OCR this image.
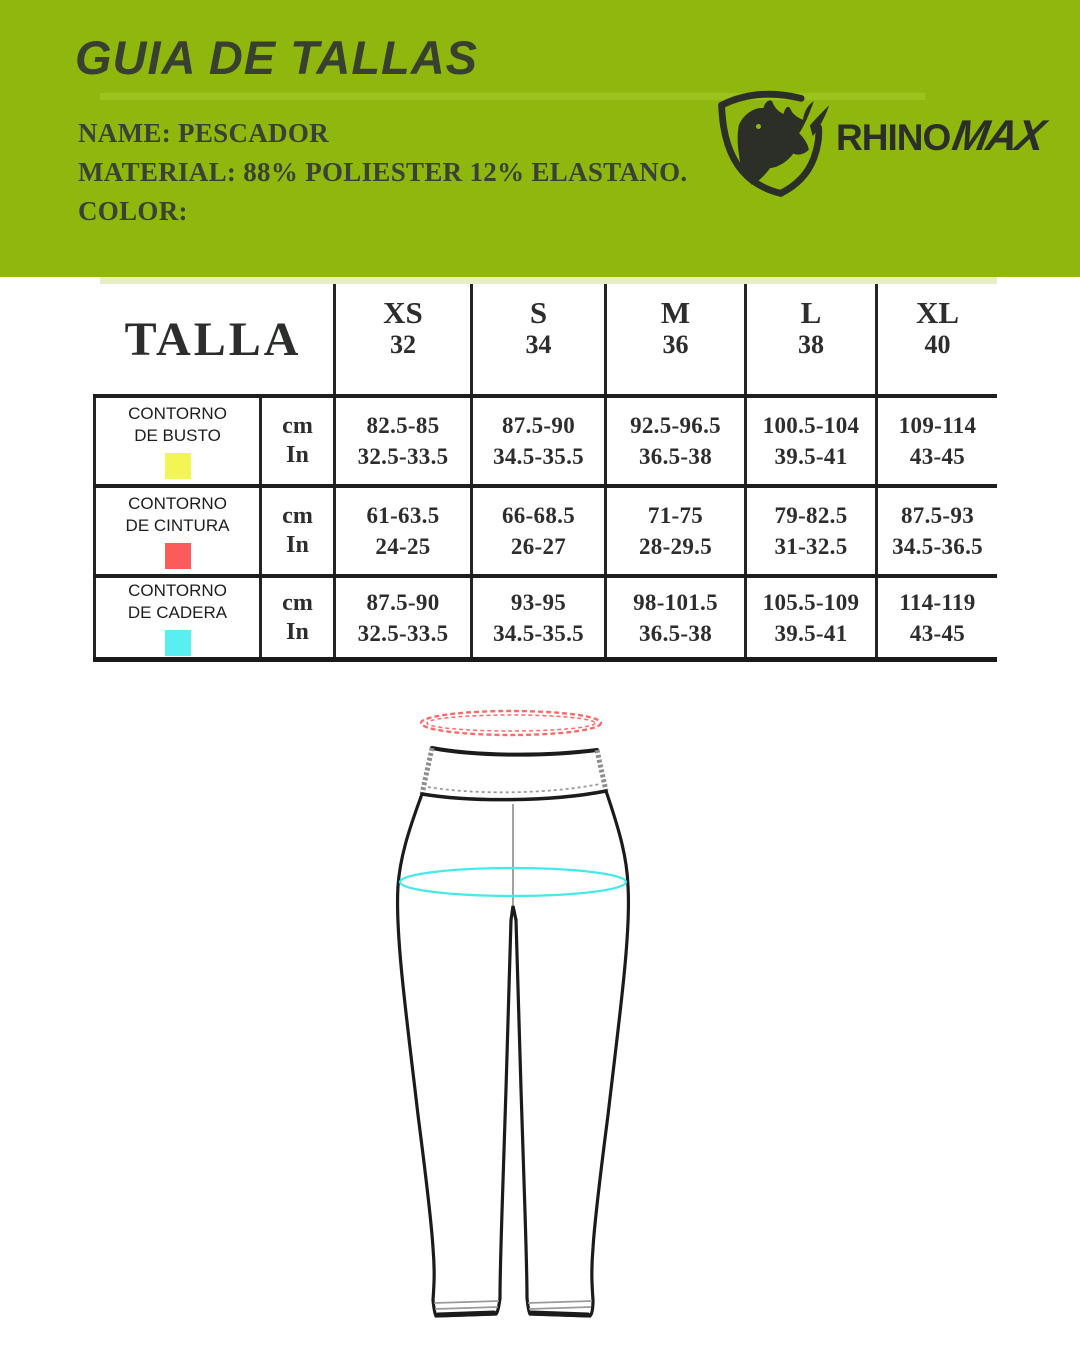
GUIA DE TALLAS
NAME: PESCADOR
MATERIAL: 88% POLIESTER 12% ELASTANO.
COLOR:
RHINO
MAX
TALLA	XS
32
S
34
M
36
L
38
XL
40
CONTORNO
DE BUSTO	cm
In
82.5-85
32.5-33.5
87.5-90
34.5-35.5
92.5-96.5
36.5-38
100.5-104
39.5-41
109-114
43-45
CONTORNO
DE CINTURA cm
In
61-63.5
24-25
66-68.5
26-27
71-75
28-29.5
79-82.5
31-32.5
87.5-93
34.5-36.5
CONTORNO
DE CADERA cm
In
87.5-90
32.5-33.5
93-95
34.5-35.5
98-101.5
36.5-38
105.5-109
39.5-41
114-119
43-45
